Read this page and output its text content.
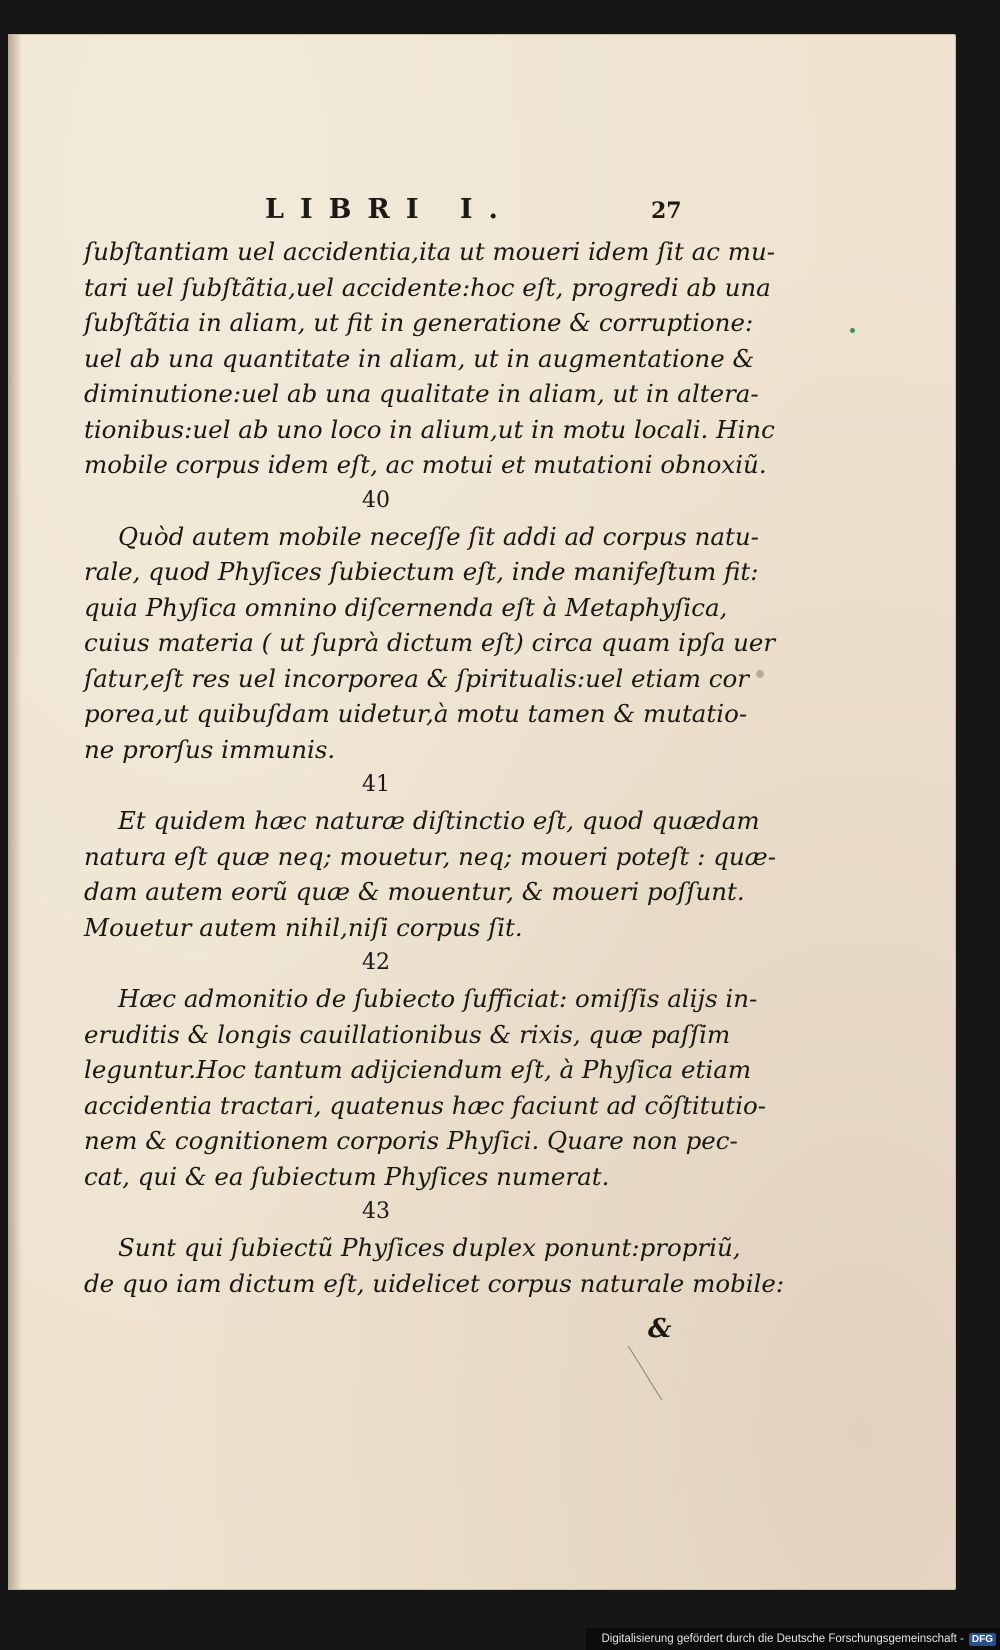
LIBRI I.	27
ſubſtantiam uel accidentia,ita ut moueri idem ſit ac mu-
tari uel ſubſtãtia,uel accidente:hoc eſt, progredi ab una
ſubſtãtia in aliam, ut fit in generatione & corruptione:
uel ab una quantitate in aliam, ut in augmentatione &
diminutione:uel ab una qualitate in aliam, ut in altera-
tionibus:uel ab uno loco in alium,ut in motu locali. Hinc
mobile corpus idem eſt, ac motui et mutationi obnoxiũ.
40
Quòd autem mobile neceſſe ſit addi ad corpus natu-
rale, quod Phyſices ſubiectum eſt, inde manifeſtum fit:
quia Phyſica omnino diſcernenda eſt à Metaphyſica,
cuius materia ( ut ſuprà dictum eſt) circa quam ipſa uer
ſatur,eſt res uel incorporea & ſpiritualis:uel etiam cor
porea,ut quibuſdam uidetur,à motu tamen & mutatio-
ne prorſus immunis.
41
Et quidem hæc naturæ diſtinctio eſt, quod quædam
natura eſt quæ neq; mouetur, neq; moueri poteſt : quæ-
dam autem eorũ quæ & mouentur, & moueri poſſunt.
Mouetur autem nihil,niſi corpus ſit.
42
Hæc admonitio de ſubiecto ſufficiat: omiſſis alijs in-
eruditis & longis cauillationibus & rixis, quæ paſſim
leguntur.Hoc tantum adijciendum eſt, à Phyſica etiam
accidentia tractari, quatenus hæc faciunt ad cõſtitutio-
nem & cognitionem corporis Phyſici. Quare non pec-
cat, qui & ea ſubiectum Phyſices numerat.
43
Sunt qui ſubiectũ Phyſices duplex ponunt:propriũ,
de quo iam dictum eſt, uidelicet corpus naturale mobile:
&
Digitalisierung gefördert durch die Deutsche Forschungsgemeinschaft - DFG
